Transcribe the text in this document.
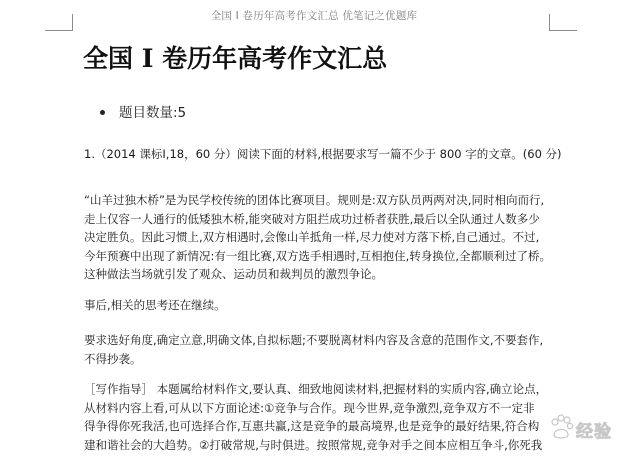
全国 I 卷历年高考作文汇总 优笔记之优题库
全国 I 卷历年高考作文汇总
题目数量:5

1.（2014 课标Ⅰ,18，60 分）阅读下面的材料,根据要求写一篇不少于 800 字的文章。(60 分)

“山羊过独木桥”是为民学校传统的团体比赛项目。规则是:双方队员两两对决,同时相向而行,
走上仅容一人通行的低矮独木桥,能突破对方阻拦成功过桥者获胜,最后以全队通过人数多少
决定胜负。因此习惯上,双方相遇时,会像山羊抵角一样,尽力使对方落下桥,自己通过。不过,
今年预赛中出现了新情况:有一组比赛,双方选手相遇时,互相抱住,转身换位,全都顺利过了桥。
这种做法当场就引发了观众、运动员和裁判员的激烈争论。

事后,相关的思考还在继续。

要求选好角度,确定立意,明确文体,自拟标题;不要脱离材料内容及含意的范围作文,不要套作,
不得抄袭。

［写作指导］ 本题属给材料作文,要认真、细致地阅读材料,把握材料的实质内容,确立论点，
从材料内容上看,可从以下方面论述:①竞争与合作。现今世界,竞争激烈,竞争双方不一定非
得争得你死我活,也可选择合作,互惠共赢,这是竞争的最高境界,也是竞争的最好结果,符合构
建和谐社会的大趋势。②打破常规,与时俱进。按照常规,竞争对手之间本应相互争斗,你死我

经验
